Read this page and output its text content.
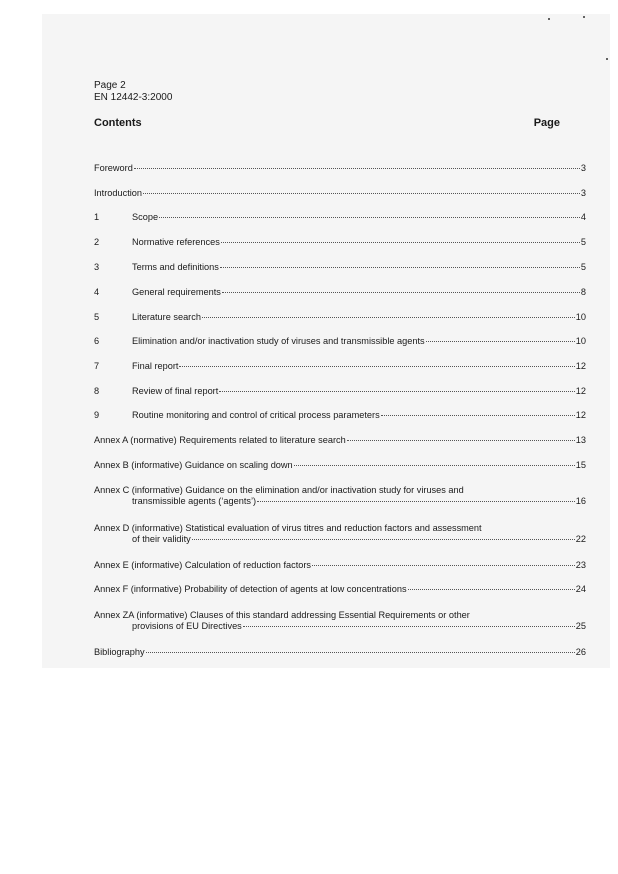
Page 2
EN 12442-3:2000
Contents	Page
Foreword	3
Introduction	3
1	Scope	4
2	Normative references	5
3	Terms and definitions	5
4	General requirements	8
5	Literature search	10
6	Elimination and/or inactivation study of viruses and transmissible agents	10
7	Final report	12
8	Review of final report	12
9	Routine monitoring and control of critical process parameters	12
Annex A (normative) Requirements related to literature search	13
Annex B (informative) Guidance on scaling down	15
Annex C (informative) Guidance on the elimination and/or inactivation study for viruses and
transmissible agents (‘agents’)	16
Annex D (informative) Statistical evaluation of virus titres and reduction factors and assessment
of their validity	22
Annex E (informative) Calculation of reduction factors	23
Annex F (informative) Probability of detection of agents at low concentrations	24
Annex ZA (informative) Clauses of this standard addressing Essential Requirements or other
provisions of EU Directives	25
Bibliography	26
